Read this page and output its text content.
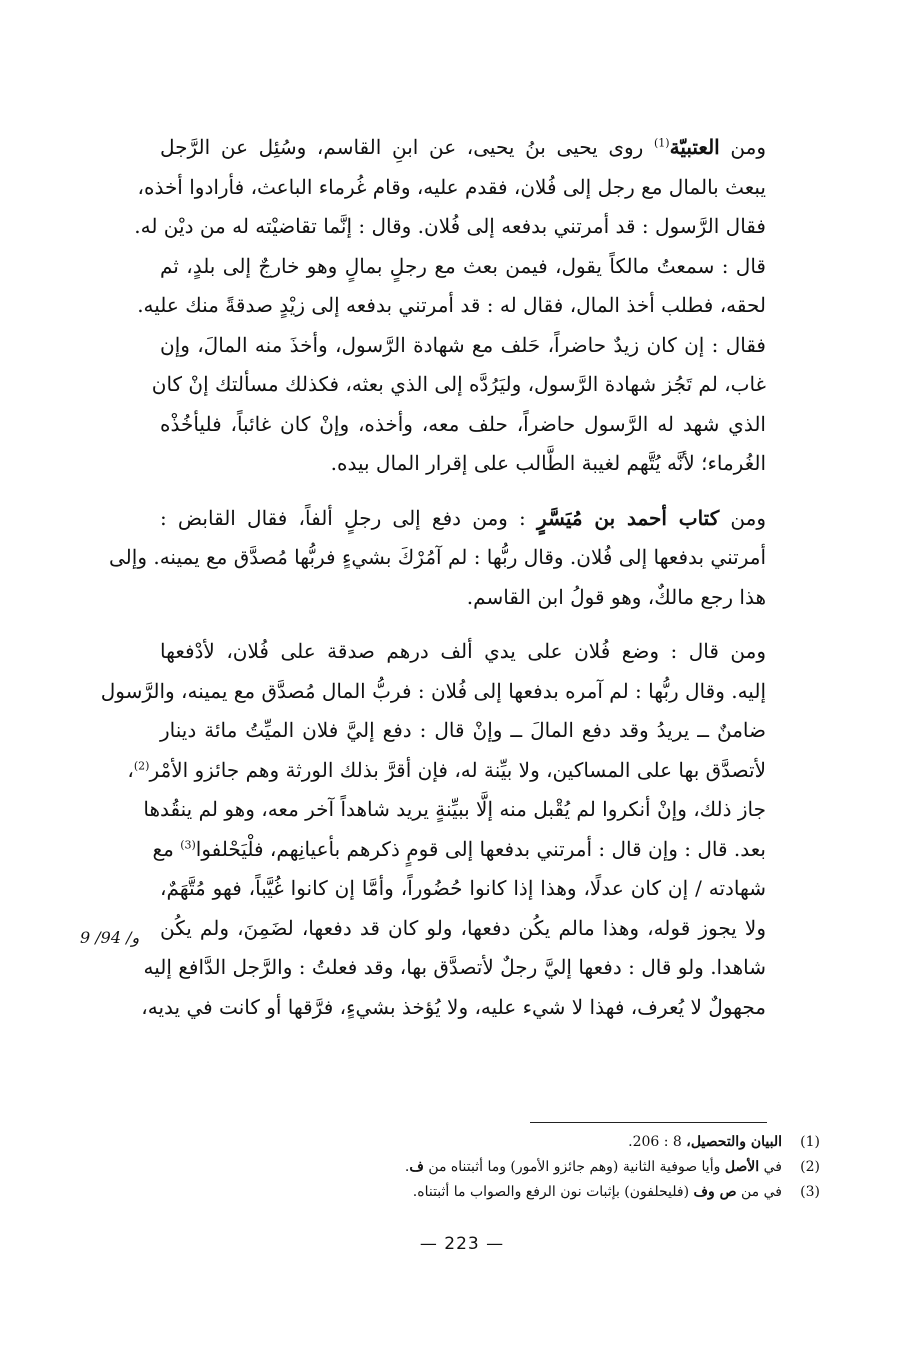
ومن العتبيّة$^{(1)}$ روى يحيى بنُ يحيى، عن ابنِ القاسم، وسُئِل عن الرَّجل
يبعث بالمال مع رجل إلى فُلان، فقدم عليه، وقام غُرماء الباعث، فأرادوا أخذه،
فقال الرَّسول : قد أمرتني بدفعه إلى فُلان. وقال : إنَّما تقاضيْته له من ديْن له.
قال : سمعتُ مالكاً يقول، فيمن بعث مع رجلٍ بمالٍ وهو خارجٌ إلى بلدٍ، ثم
لحقه، فطلب أخذ المال، فقال له : قد أمرتني بدفعه إلى زيْدٍ صدقةً منك عليه.
فقال : إن كان زيدٌ حاضراً، حَلف مع شهادة الرَّسول، وأخذَ منه المالَ، وإن
غاب، لم تَجُز شهادة الرَّسول، وليَرُدَّه إلى الذي بعثه، فكذلك مسألتك إنْ كان
الذي شهد له الرَّسول حاضراً، حلف معه، وأخذه، وإنْ كان غائباً، فليأخُذْه
الغُرماء؛ لأنَّه يُتَّهم لغيبة الطَّالب على إقرار المال بيده.
ومن كتاب أحمد بن مُيَسَّرٍ : ومن دفع إلى رجلٍ ألفاً، فقال القابض :
أمرتني بدفعها إلى فُلان. وقال ربُّها : لم آمُرْكَ بشيءٍ فربُّها مُصدَّق مع يمينه. وإلى
هذا رجع مالكٌ، وهو قولُ ابن القاسم.
ومن قال : وضع فُلان على يدي ألف درهم صدقة على فُلان، لأدْفعها
إليه. وقال ربُّها : لم آمره بدفعها إلى فُلان : فربُّ المال مُصدَّق مع يمينه، والرَّسول
ضامنٌ ــ يريدُ وقد دفع المالَ ــ وإنْ قال : دفع إليَّ فلان الميِّتُ مائة دينار
لأتصدَّق بها على المساكين، ولا بيِّنة له، فإن أقرَّ بذلك الورثة وهم جائزو الأمْر$^{(2)}$،
جاز ذلك، وإنْ أنكروا لم يُقْبل منه إلَّا ببيِّنةٍ يريد شاهداً آخر معه، وهو لم ينقُدها
بعد. قال : وإن قال : أمرتني بدفعها إلى قومٍ ذكرهم بأعيانِهم، فلْيَحْلفوا$^{(3)}$ مع
شهادته / إن كان عدلًا، وهذا إذا كانوا حُضُوراً، وأمَّا إن كانوا غُيَّباً، فهو مُتَّهَمٌ،
ولا يجوز قوله، وهذا مالم يكُن دفعها، ولو كان قد دفعها، لضَمِنَ، ولم يكُن
شاهدا. ولو قال : دفعها إليَّ رجلٌ لأتصدَّق بها، وقد فعلتُ : والرَّجل الدَّافع إليه
مجهولٌ لا يُعرف، فهذا لا شيء عليه، ولا يُؤخذ بشيءٍ، فرَّقها أو كانت في يديه،
9 /94 /و
(1)
البيان والتحصيل، 8 : 206.
(2)
في الأصل وأيا صوفية الثانية (وهم جائزو الأمور) وما أثبتناه من ف.
(3)
في من ص وف (فليحلفون) بإثبات نون الرفع والصواب ما أثبتناه.
— 223 —
